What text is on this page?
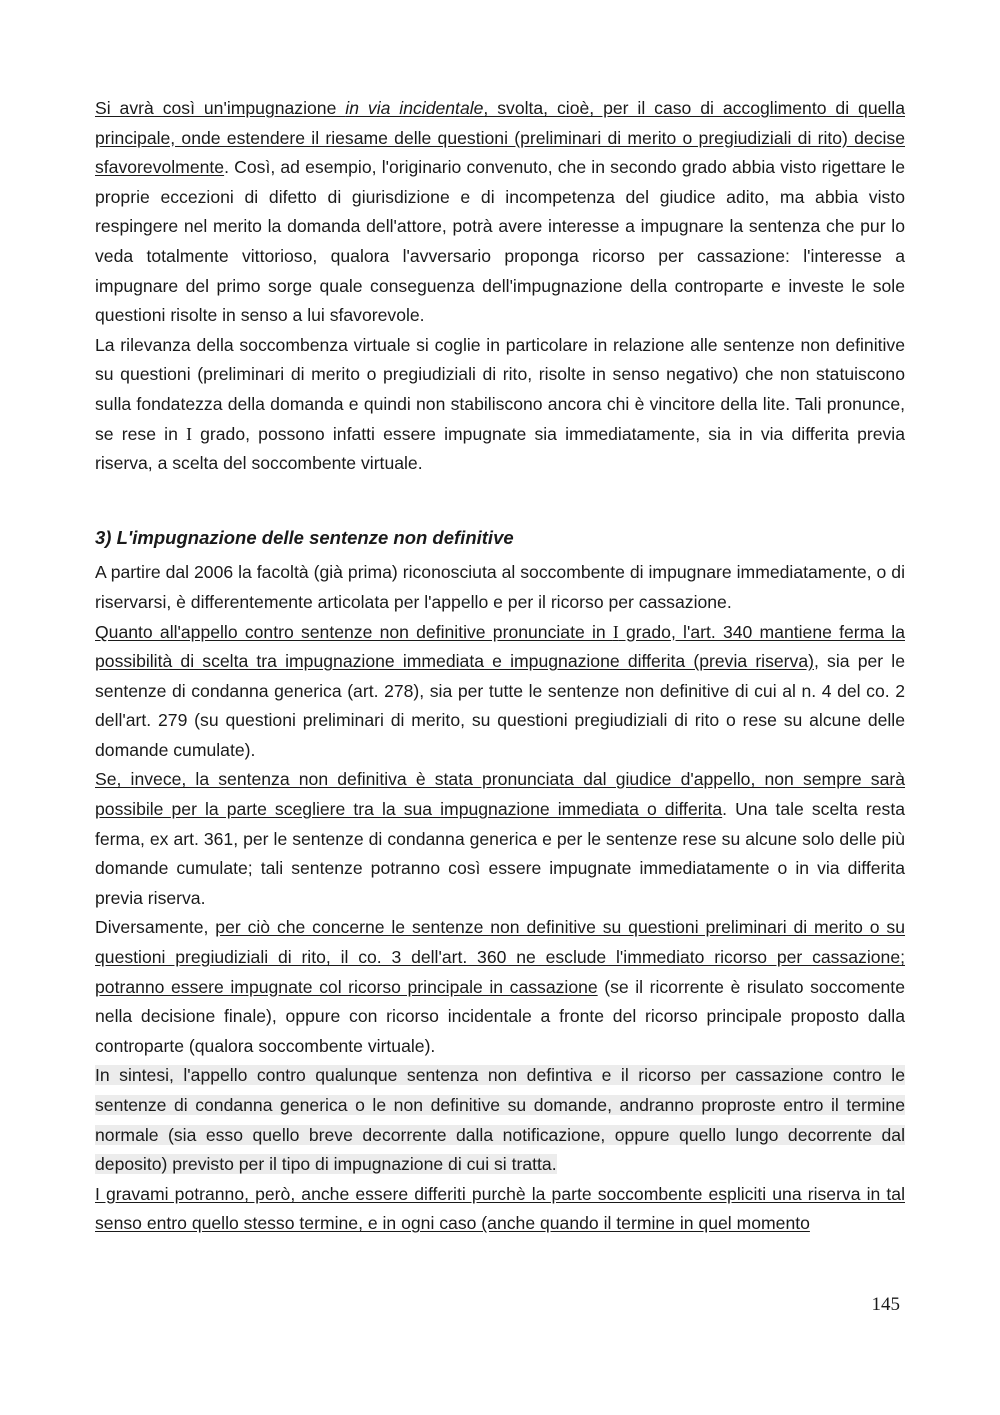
Si avrà così un'impugnazione in via incidentale, svolta, cioè, per il caso di accoglimento di quella principale, onde estendere il riesame delle questioni (preliminari di merito o pregiudiziali di rito) decise sfavorevolmente. Così, ad esempio, l'originario convenuto, che in secondo grado abbia visto rigettare le proprie eccezioni di difetto di giurisdizione e di incompetenza del giudice adito, ma abbia visto respingere nel merito la domanda dell'attore, potrà avere interesse a impugnare la sentenza che pur lo veda totalmente vittorioso, qualora l'avversario proponga ricorso per cassazione: l'interesse a impugnare del primo sorge quale conseguenza dell'impugnazione della controparte e investe le sole questioni risolte in senso a lui sfavorevole.

La rilevanza della soccombenza virtuale si coglie in particolare in relazione alle sentenze non definitive su questioni (preliminari di merito o pregiudiziali di rito, risolte in senso negativo) che non statuiscono sulla fondatezza della domanda e quindi non stabiliscono ancora chi è vincitore della lite. Tali pronunce, se rese in I grado, possono infatti essere impugnate sia immediatamente, sia in via differita previa riserva, a scelta del soccombente virtuale.

3) L'impugnazione delle sentenze non definitive

A partire dal 2006 la facoltà (già prima) riconosciuta al soccombente di impugnare immediatamente, o di riservarsi, è differentemente articolata per l'appello e per il ricorso per cassazione.

Quanto all'appello contro sentenze non definitive pronunciate in I grado, l'art. 340 mantiene ferma la possibilità di scelta tra impugnazione immediata e impugnazione differita (previa riserva), sia per le sentenze di condanna generica (art. 278), sia per tutte le sentenze non definitive di cui al n. 4 del co. 2 dell'art. 279 (su questioni preliminari di merito, su questioni pregiudiziali di rito o rese su alcune delle domande cumulate).

Se, invece, la sentenza non definitiva è stata pronunciata dal giudice d'appello, non sempre sarà possibile per la parte scegliere tra la sua impugnazione immediata o differita. Una tale scelta resta ferma, ex art. 361, per le sentenze di condanna generica e per le sentenze rese su alcune solo delle più domande cumulate; tali sentenze potranno così essere impugnate immediatamente o in via differita previa riserva.

Diversamente, per ciò che concerne le sentenze non definitive su questioni preliminari di merito o su questioni pregiudiziali di rito, il co. 3 dell'art. 360 ne esclude l'immediato ricorso per cassazione; potranno essere impugnate col ricorso principale in cassazione (se il ricorrente è risulato soccomente nella decisione finale), oppure con ricorso incidentale a fronte del ricorso principale proposto dalla controparte (qualora soccombente virtuale).

In sintesi, l'appello contro qualunque sentenza non defintiva e il ricorso per cassazione contro le sentenze di condanna generica o le non definitive su domande, andranno proproste entro il termine normale (sia esso quello breve decorrente dalla notificazione, oppure quello lungo decorrente dal deposito) previsto per il tipo di impugnazione di cui si tratta.

I gravami potranno, però, anche essere differiti purchè la parte soccombente espliciti una riserva in tal senso entro quello stesso termine, e in ogni caso (anche quando il termine in quel momento

145
